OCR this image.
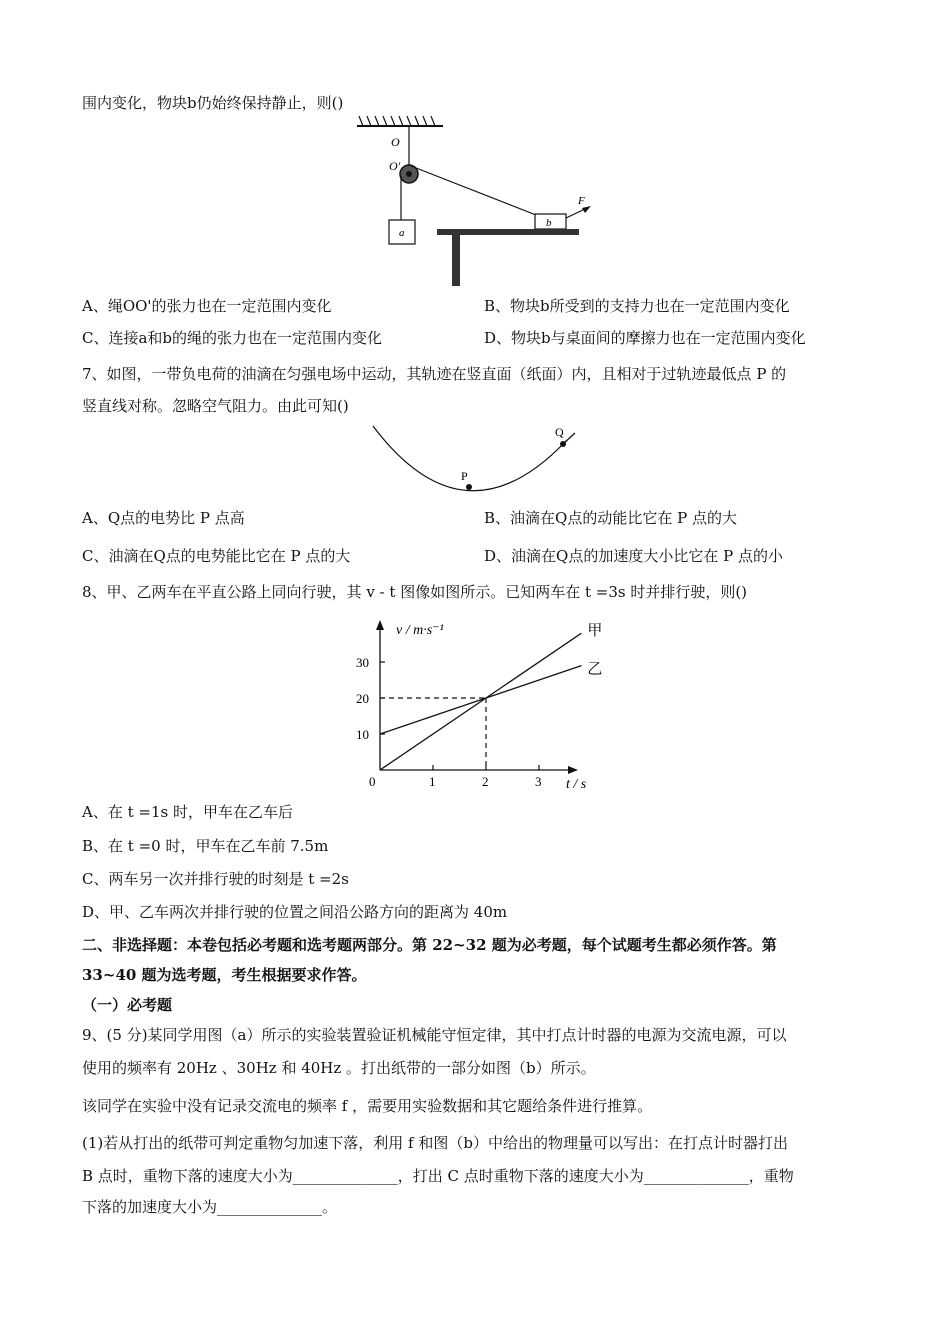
围内变化，物块b仍始终保持静止，则()
O
O'
a
b
F
A、绳OO'的张力也在一定范围内变化	B、物块b所受到的支持力也在一定范围内变化
C、连接a和b的绳的张力也在一定范围内变化	D、物块b与桌面间的摩擦力也在一定范围内变化
7、如图，一带负电荷的油滴在匀强电场中运动，其轨迹在竖直面（纸面）内，且相对于过轨迹最低点 P 的
竖直线对称。忽略空气阻力。由此可知()
P
Q
A、Q点的电势比 P 点高	B、油滴在Q点的动能比它在 P 点的大
C、油滴在Q点的电势能比它在 P 点的大	D、油滴在Q点的加速度大小比它在 P 点的小
8、甲、乙两车在平直公路上同向行驶，其 v - t 图像如图所示。已知两车在 t =3s 时并排行驶，则()
v / m·s⁻¹
t / s
0	1	2	3
10
20
30
甲
乙
A、在 t =1s 时，甲车在乙车后
B、在 t =0 时，甲车在乙车前 7.5m
C、两车另一次并排行驶的时刻是 t =2s
D、甲、乙车两次并排行驶的位置之间沿公路方向的距离为 40m
二、非选择题：本卷包括必考题和选考题两部分。第 22~32 题为必考题，每个试题考生都必须作答。第
33~40 题为选考题，考生根据要求作答。
（一）必考题
9、(5 分)某同学用图（a）所示的实验装置验证机械能守恒定律，其中打点计时器的电源为交流电源，可以
使用的频率有 20Hz 、30Hz 和 40Hz 。打出纸带的一部分如图（b）所示。
该同学在实验中没有记录交流电的频率 f ，需要用实验数据和其它题给条件进行推算。
(1)若从打出的纸带可判定重物匀加速下落，利用 f 和图（b）中给出的物理量可以写出：在打点计时器打出
B 点时，重物下落的速度大小为______________，打出 C 点时重物下落的速度大小为______________，重物
下落的加速度大小为______________。
